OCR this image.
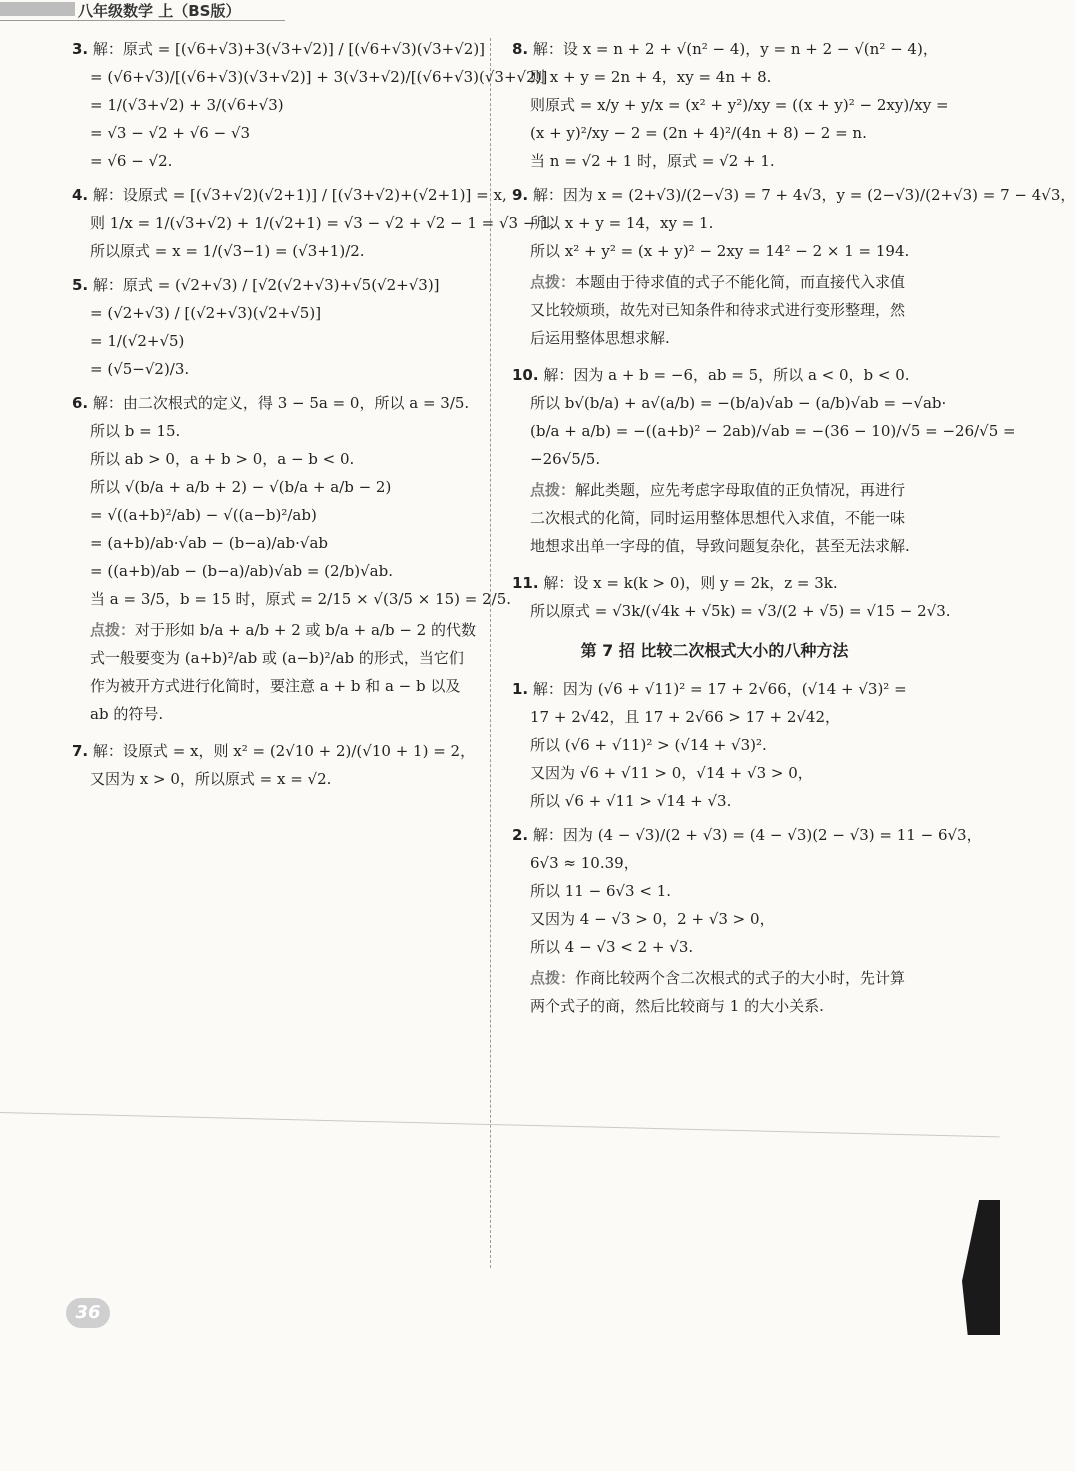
八年级数学 上（BS版）
3. 解：原式 = [(√6+√3)+3(√3+√2)] / [(√6+√3)(√3+√2)]
= (√6+√3)/[(√6+√3)(√3+√2)] + 3(√3+√2)/[(√6+√3)(√3+√2)]
= 1/(√3+√2) + 3/(√6+√3)
= √3 − √2 + √6 − √3
= √6 − √2.
4. 解：设原式 = [(√3+√2)(√2+1)] / [(√3+√2)+(√2+1)] = x,
则 1/x = 1/(√3+√2) + 1/(√2+1) = √3 − √2 + √2 − 1 = √3 − 1.
所以原式 = x = 1/(√3−1) = (√3+1)/2.
5. 解：原式 = (√2+√3) / [√2(√2+√3)+√5(√2+√3)]
= (√2+√3) / [(√2+√3)(√2+√5)]
= 1/(√2+√5)
= (√5−√2)/3.
6. 解：由二次根式的定义，得 3 − 5a = 0，所以 a = 3/5.
所以 b = 15.
所以 ab > 0，a + b > 0，a − b < 0.
所以 √(b/a + a/b + 2) − √(b/a + a/b − 2)
= √((a+b)²/ab) − √((a−b)²/ab)
= (a+b)/ab·√ab − (b−a)/ab·√ab
= ((a+b)/ab − (b−a)/ab)√ab = (2/b)√ab.
当 a = 3/5，b = 15 时，原式 = 2/15 × √(3/5 × 15) = 2/5.
点拨：对于形如 b/a + a/b + 2 或 b/a + a/b − 2 的代数式一般要变为 (a+b)²/ab 或 (a−b)²/ab 的形式，当它们作为被开方式进行化简时，要注意 a + b 和 a − b 以及 ab 的符号.
7. 解：设原式 = x，则 x² = (2√10 + 2)/(√10 + 1) = 2，
又因为 x > 0，所以原式 = x = √2.
8. 解：设 x = n + 2 + √(n² − 4)，y = n + 2 − √(n² − 4)，
则 x + y = 2n + 4，xy = 4n + 8.
则原式 = x/y + y/x = (x² + y²)/xy = ((x + y)² − 2xy)/xy =
(x + y)²/xy − 2 = (2n + 4)²/(4n + 8) − 2 = n.
当 n = √2 + 1 时，原式 = √2 + 1.
9. 解：因为 x = (2+√3)/(2−√3) = 7 + 4√3，y = (2−√3)/(2+√3) = 7 − 4√3，
所以 x + y = 14，xy = 1.
所以 x² + y² = (x + y)² − 2xy = 14² − 2 × 1 = 194.
点拨：本题由于待求值的式子不能化简，而直接代入求值又比较烦琐，故先对已知条件和待求式进行变形整理，然后运用整体思想求解.
10. 解：因为 a + b = −6，ab = 5，所以 a < 0，b < 0.
所以 b√(b/a) + a√(a/b) = −(b/a)√ab − (a/b)√ab = −√ab·
(b/a + a/b) = −((a+b)² − 2ab)/√ab = −(36 − 10)/√5 = −26/√5 =
−26√5/5.
点拨：解此类题，应先考虑字母取值的正负情况，再进行二次根式的化简，同时运用整体思想代入求值，不能一味地想求出单一字母的值，导致问题复杂化，甚至无法求解.
11. 解：设 x = k(k > 0)，则 y = 2k，z = 3k.
所以原式 = √3k/(√4k + √5k) = √3/(2 + √5) = √15 − 2√3.
第 7 招 比较二次根式大小的八种方法
1. 解：因为 (√6 + √11)² = 17 + 2√66，(√14 + √3)² =
17 + 2√42，且 17 + 2√66 > 17 + 2√42，
所以 (√6 + √11)² > (√14 + √3)².
又因为 √6 + √11 > 0，√14 + √3 > 0，
所以 √6 + √11 > √14 + √3.
2. 解：因为 (4 − √3)/(2 + √3) = (4 − √3)(2 − √3) = 11 − 6√3，
6√3 ≈ 10.39，
所以 11 − 6√3 < 1.
又因为 4 − √3 > 0，2 + √3 > 0，
所以 4 − √3 < 2 + √3.
点拨：作商比较两个含二次根式的式子的大小时，先计算两个式子的商，然后比较商与 1 的大小关系.
36
